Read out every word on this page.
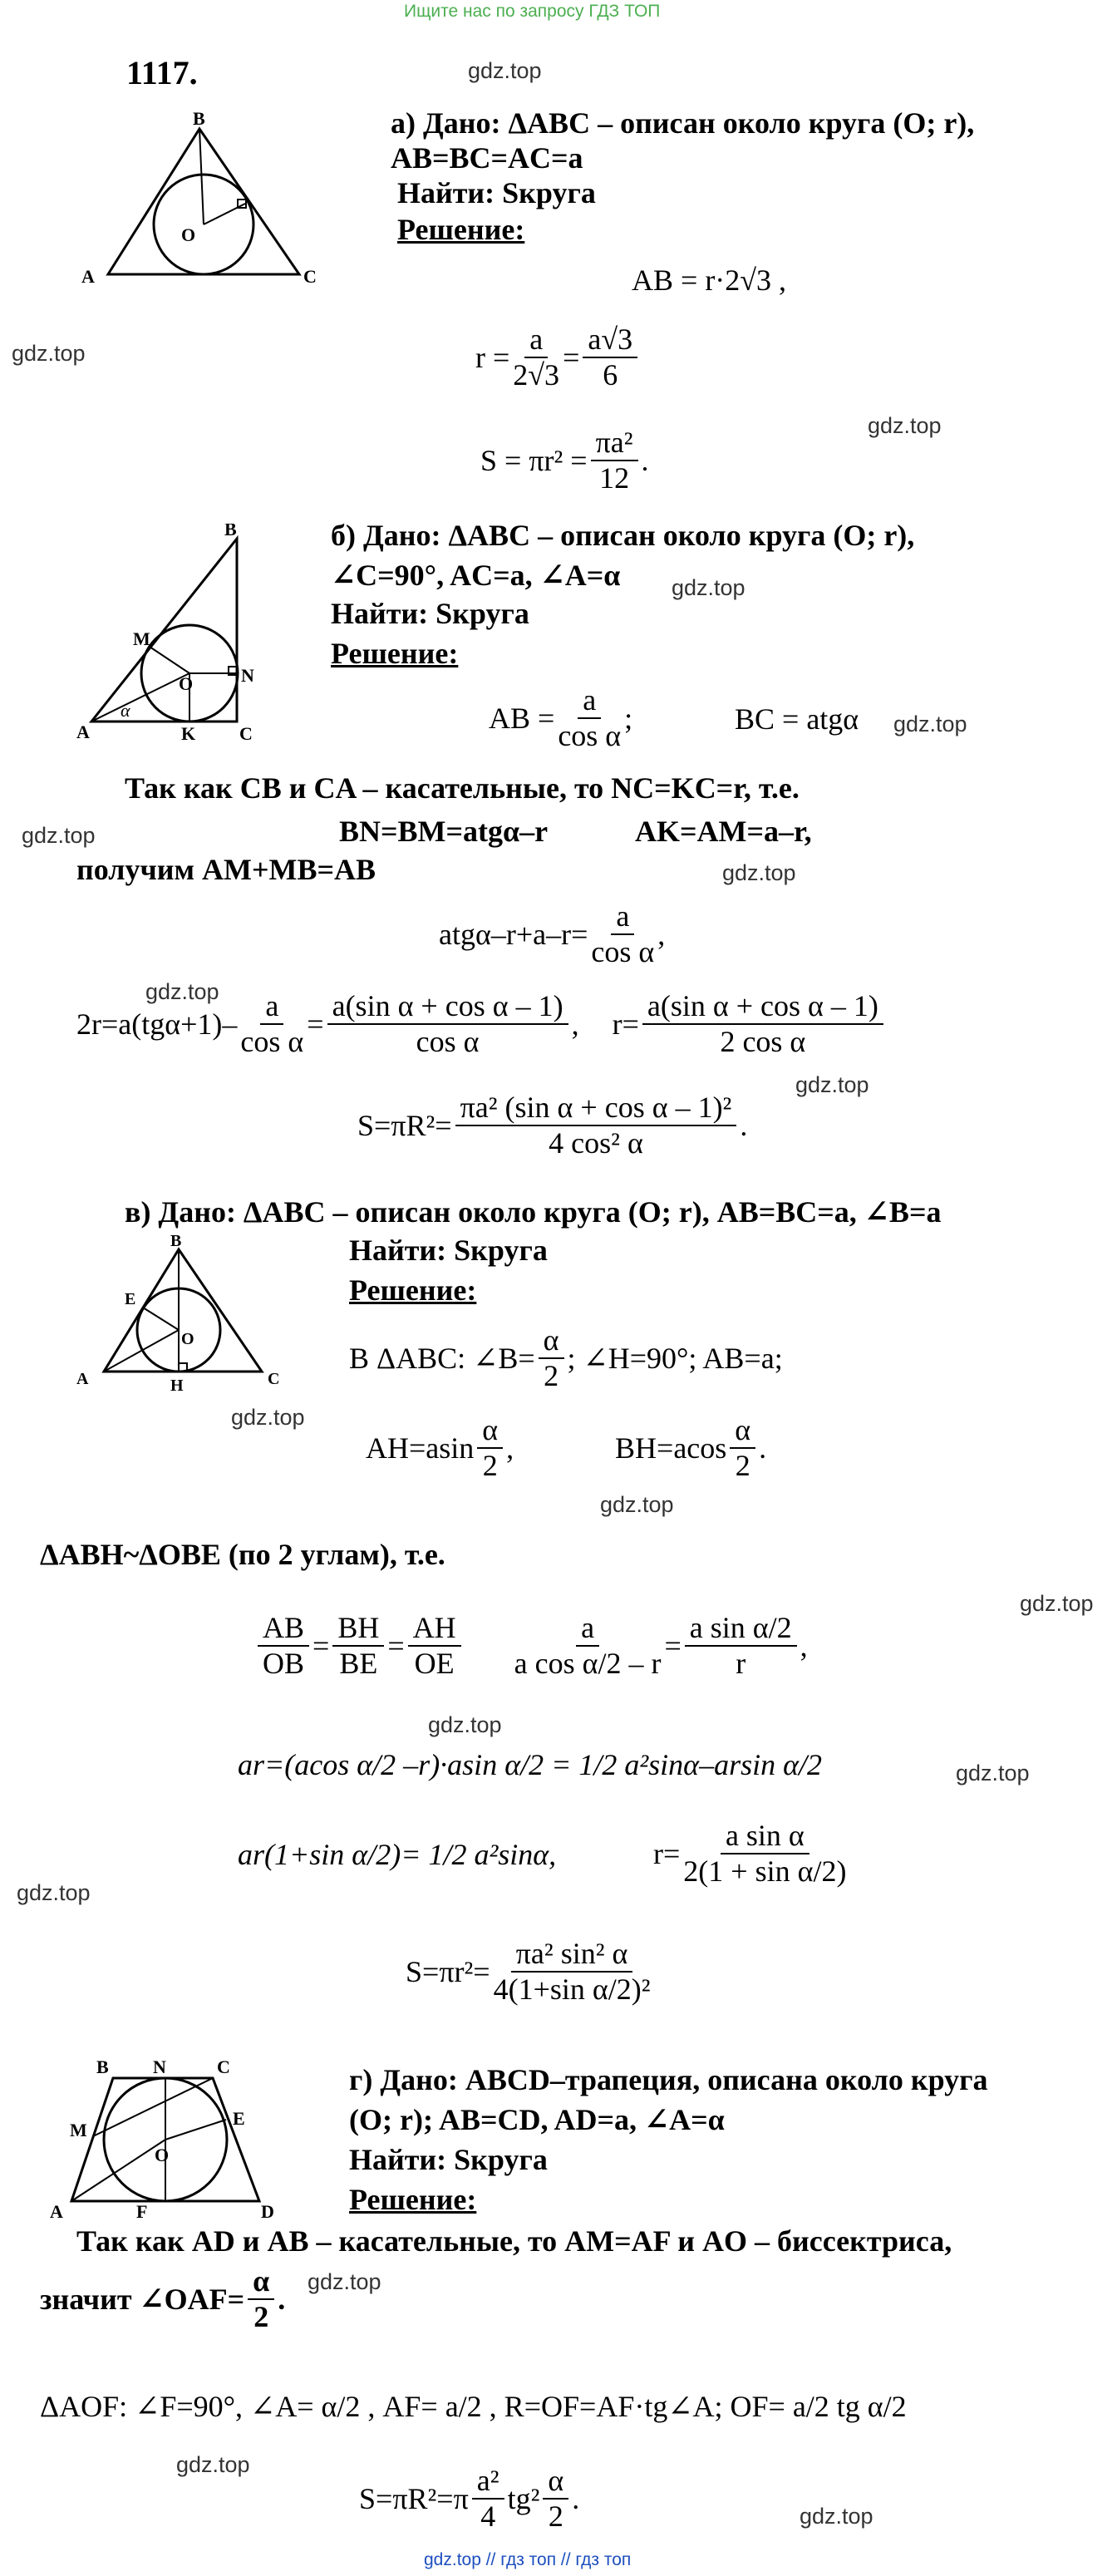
Ищите нас по запросу ГДЗ ТОП
gdz.top // гдз топ // гдз топ
gdz.top
gdz.top
gdz.top
gdz.top
gdz.top
gdz.top
gdz.top
gdz.top
gdz.top
gdz.top
gdz.top
gdz.top
gdz.top
gdz.top
gdz.top
gdz.top
gdz.top
gdz.top
1117.
B
A	C
O
а) Дано: ΔABC – описан около круга (O; r),
AB=BC=AC=a
Найти: Sкруга
Решение:
AB = r·2√3 ,
$r = \frac{a}{2√3} = \frac{a√3}{6}$
$S = \pi r^2 = \frac{\text{πa²}}{12}$ .
B
M
O	N
A
α
K C
б) Дано: ΔABC – описан около круга (O; r),
∠C=90°, AC=a, ∠A=α
Найти: Sкруга
Решение:
AB = $\frac{a}{\text{cos α}}$ ;	BC = atgα
Так как CB и CA – касательные, то NC=KC=r, т.е.
BN=BM=atgα–r	AK=AM=a–r,
получим AM+MB=AB
$atg\alpha-r+a-r= \frac{a}{\text{cos α}}$ ,
$2r=a(tg\alpha+1)- \frac{a}{\text{cos α}} = \frac{\text{a(sin α + cos α – 1)}}{\text{cos α}}$ , $r= \frac{\text{a(sin α + cos α – 1)}}{\text{2 cos α}}$
$S=\pi R^2= \frac{\text{πa² (sin α + cos α – 1)²}}{\text{4 cos² α}}$ .
в) Дано: ΔABC – описан около круга (O; r), AB=BC=a, ∠B=a
Найти: Sкруга
Решение:
B
E
O
A	H	C
В ΔABC: ∠B= $\frac{\alpha}{2}$ ; ∠H=90°; AB=a;
$AH=asin \frac{\alpha}{2}$ ,	$BH=acos \frac{\alpha}{2}$ .
ΔABH~ΔOBE (по 2 углам), т.е.
$\frac{AB}{OB} = \frac{BH}{BE} = \frac{AH}{OE} \frac{a}{\text{a cos α/2 – r}} = \frac{\text{a sin α/2}}{r}$ ,
ar=(acos α/2 –r)·asin α/2 = 1/2 a²sinα–arsin α/2
ar(1+sin α/2)= 1/2 a²sinα,	$r= \frac{\text{a sin α}}{\text{2(1 + sin α/2)}}$
$S=\pi r^2= \frac{\text{πa² sin² α}}{\text{4(1+sin α/2)²}}$
B N	C
M
E
O
A	F	D
г) Дано: ABCD–трапеция, описана около круга
(O; r); AB=CD, AD=a, ∠A=α
Найти: Sкруга
Решение:
Так как AD и AB – касательные, то AM=AF и AO – биссектриса,
значит ∠OAF= $\frac{\alpha}{2}$ .
ΔAOF: ∠F=90°, ∠A= α/2 , AF= a/2 , R=OF=AF·tg∠A; OF= a/2 tg α/2
$S=\pi R^2=\pi \frac{\text{a²}}{4} tg^2 \frac{\alpha}{2}$ .
